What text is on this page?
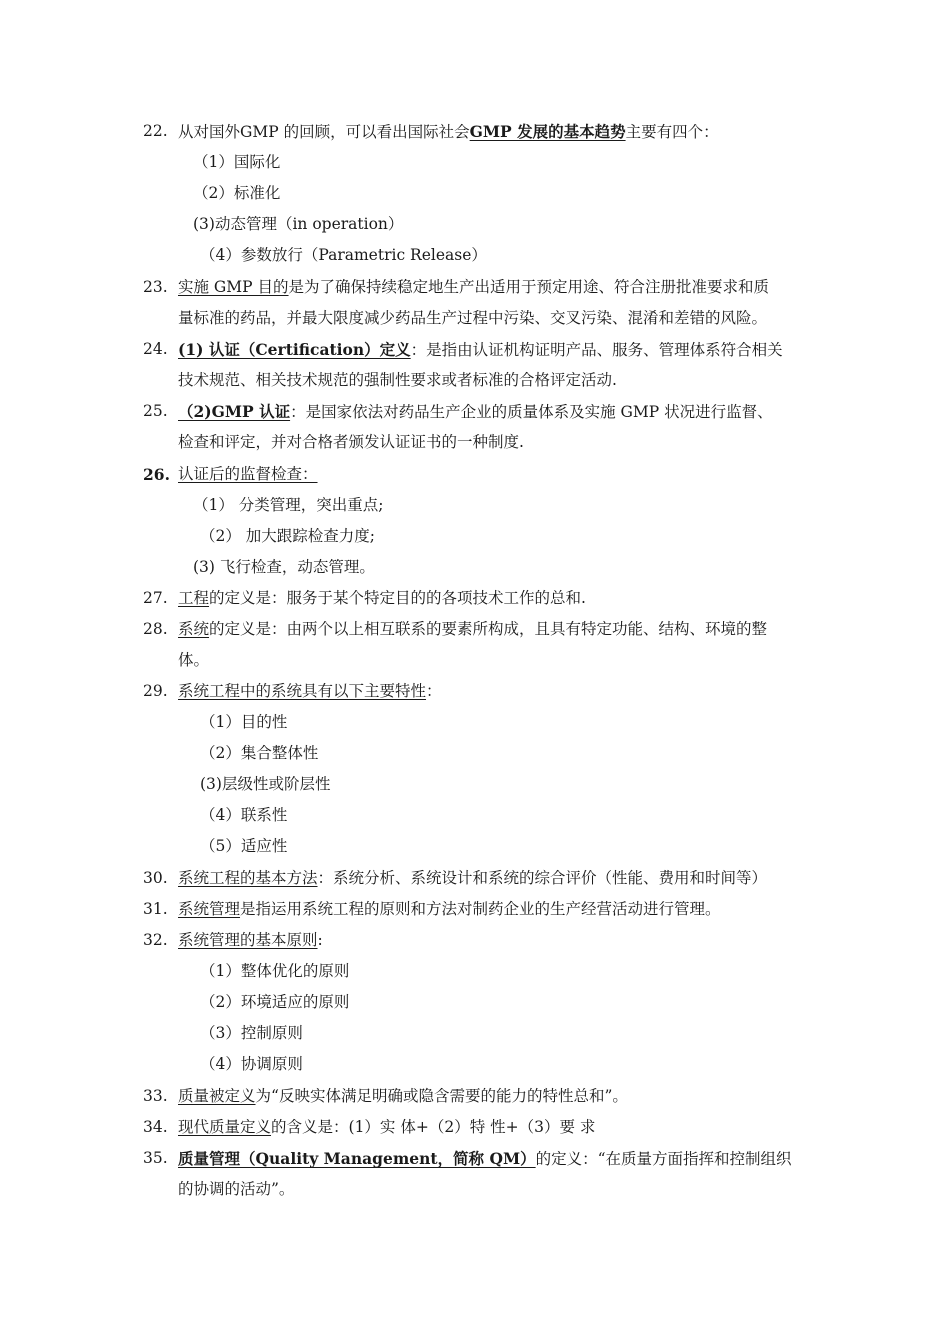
22. 从对国外GMP 的回顾，可以看出国际社会GMP 发展的基本趋势主要有四个：
（1）国际化
（2）标准化
(3)动态管理（in operation）
（4）参数放行（Parametric Release）
23. 实施 GMP 目的是为了确保持续稳定地生产出适用于预定用途、符合注册批准要求和质
量标准的药品，并最大限度减少药品生产过程中污染、交叉污染、混淆和差错的风险。
24. (1) 认证（Certification）定义：是指由认证机构证明产品、服务、管理体系符合相关
技术规范、相关技术规范的强制性要求或者标准的合格评定活动.
25. （2)GMP 认证：是国家依法对药品生产企业的质量体系及实施 GMP 状况进行监督、
检查和评定，并对合格者颁发认证证书的一种制度.
26. 认证后的监督检查：
（1） 分类管理，突出重点;
（2） 加大跟踪检查力度;
(3) 飞行检查，动态管理。
27. 工程的定义是：服务于某个特定目的的各项技术工作的总和.
28. 系统的定义是：由两个以上相互联系的要素所构成，且具有特定功能、结构、环境的整
体。
29. 系统工程中的系统具有以下主要特性：
（1）目的性
（2）集合整体性
(3)层级性或阶层性
（4）联系性
（5）适应性
30. 系统工程的基本方法：系统分析、系统设计和系统的综合评价（性能、费用和时间等）
31. 系统管理是指运用系统工程的原则和方法对制药企业的生产经营活动进行管理。
32. 系统管理的基本原则:
（1）整体优化的原则
（2）环境适应的原则
（3）控制原则
（4）协调原则
33. 质量被定义为“反映实体满足明确或隐含需要的能力的特性总和”。
34. 现代质量定义的含义是：(1）实 体+（2）特 性+（3）要 求
35. 质量管理（Quality Management，简称 QM）的定义：“在质量方面指挥和控制组织
的协调的活动”。
